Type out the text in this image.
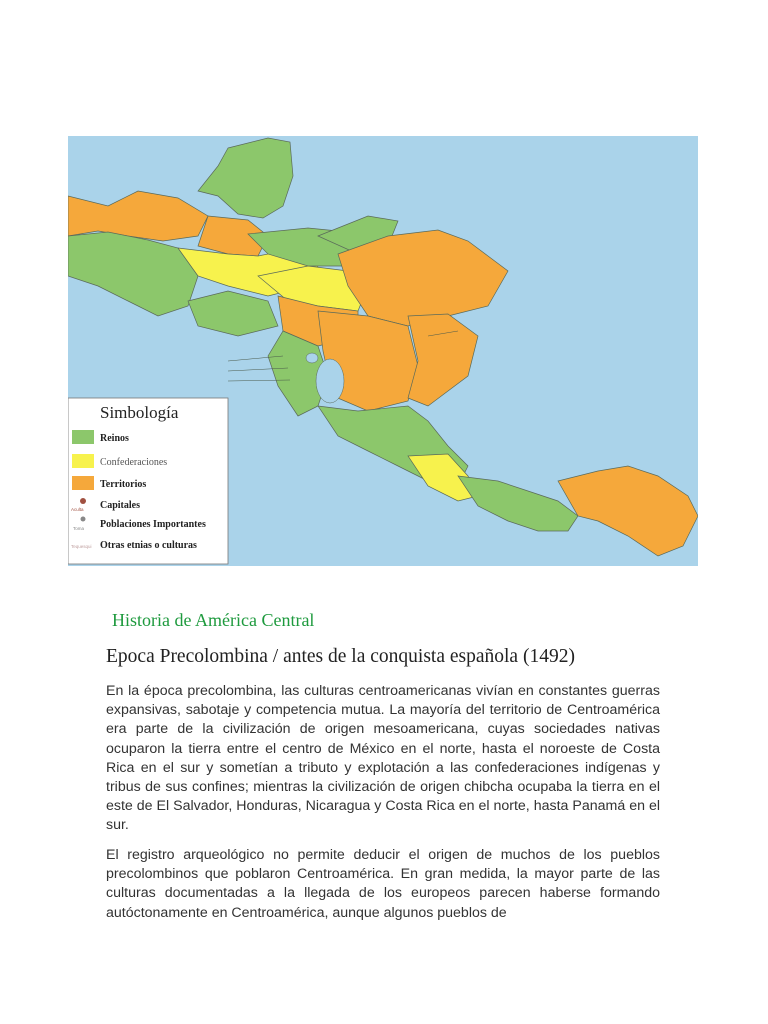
Simbología
Reinos
Confederaciones
Territorios
Aculta Capitales
Toma Poblaciones Importantes
Tequesqui Otras etnias o culturas
Historia de América Central
Epoca Precolombina / antes de la conquista española (1492)

En la época precolombina, las culturas centroamericanas vivían en constantes guerras expansivas, sabotaje y competencia mutua. La mayoría del territorio de Centroamérica era parte de la civilización de origen mesoamericana, cuyas sociedades nativas ocuparon la tierra entre el centro de México en el norte, hasta el noroeste de Costa Rica en el sur y sometían a tributo y explotación a las confederaciones indígenas y tribus de sus confines; mientras la civilización de origen chibcha ocupaba la tierra en el este de El Salvador, Honduras, Nicaragua y Costa Rica en el norte, hasta Panamá en el sur.

El registro arqueológico no permite deducir el origen de muchos de los pueblos precolombinos que poblaron Centroamérica. En gran medida, la mayor parte de las culturas documentadas a la llegada de los europeos parecen haberse formando autóctonamente en Centroamérica, aunque algunos pueblos de
